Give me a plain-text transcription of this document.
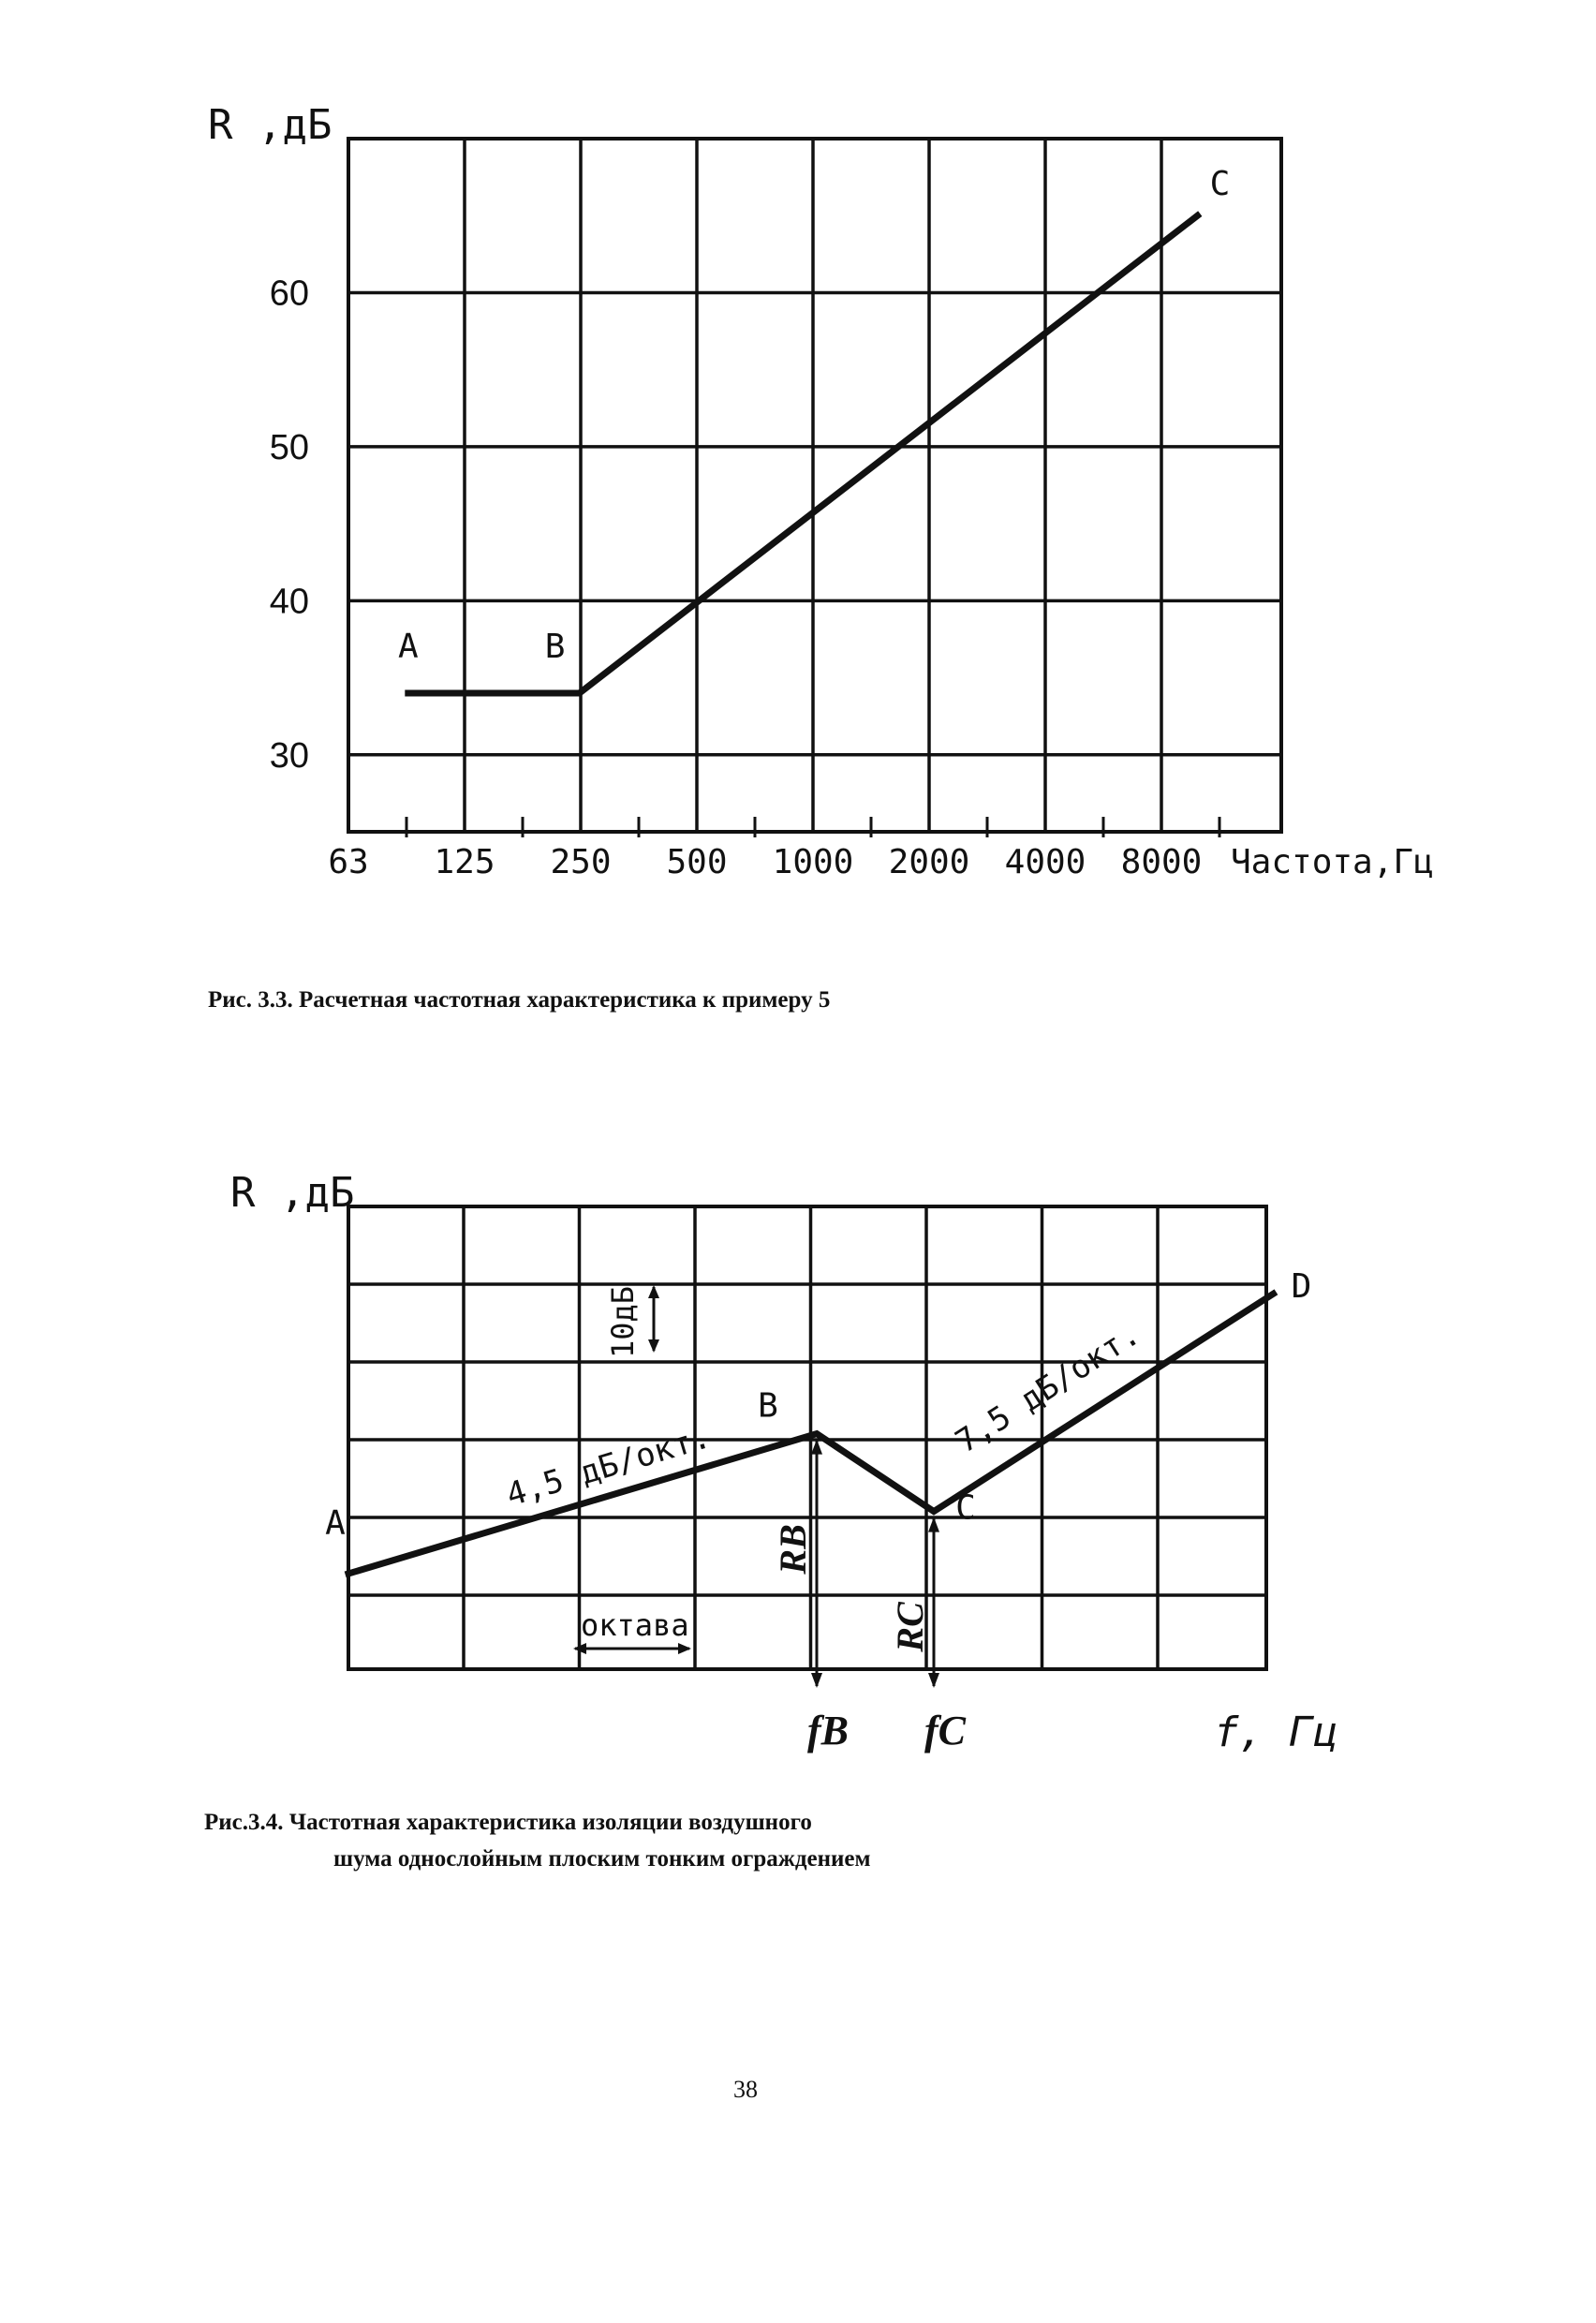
63 125 250 500 1000 2000 4000 8000
30
40
50
60
Частота,Гц
R ,дБ
A	B
C
Рис. 3.3. Расчетная частотная характеристика к примеру 5
R ,дБ
10дБ
октава
4,5 дБ/окт.
7,5 дБ/окт.
RB
fB
RC
fC	f, Гц
A
B
C
D
Рис.3.4. Частотная характеристика изоляции воздушного
шума однослойным плоским тонким ограждением
38
